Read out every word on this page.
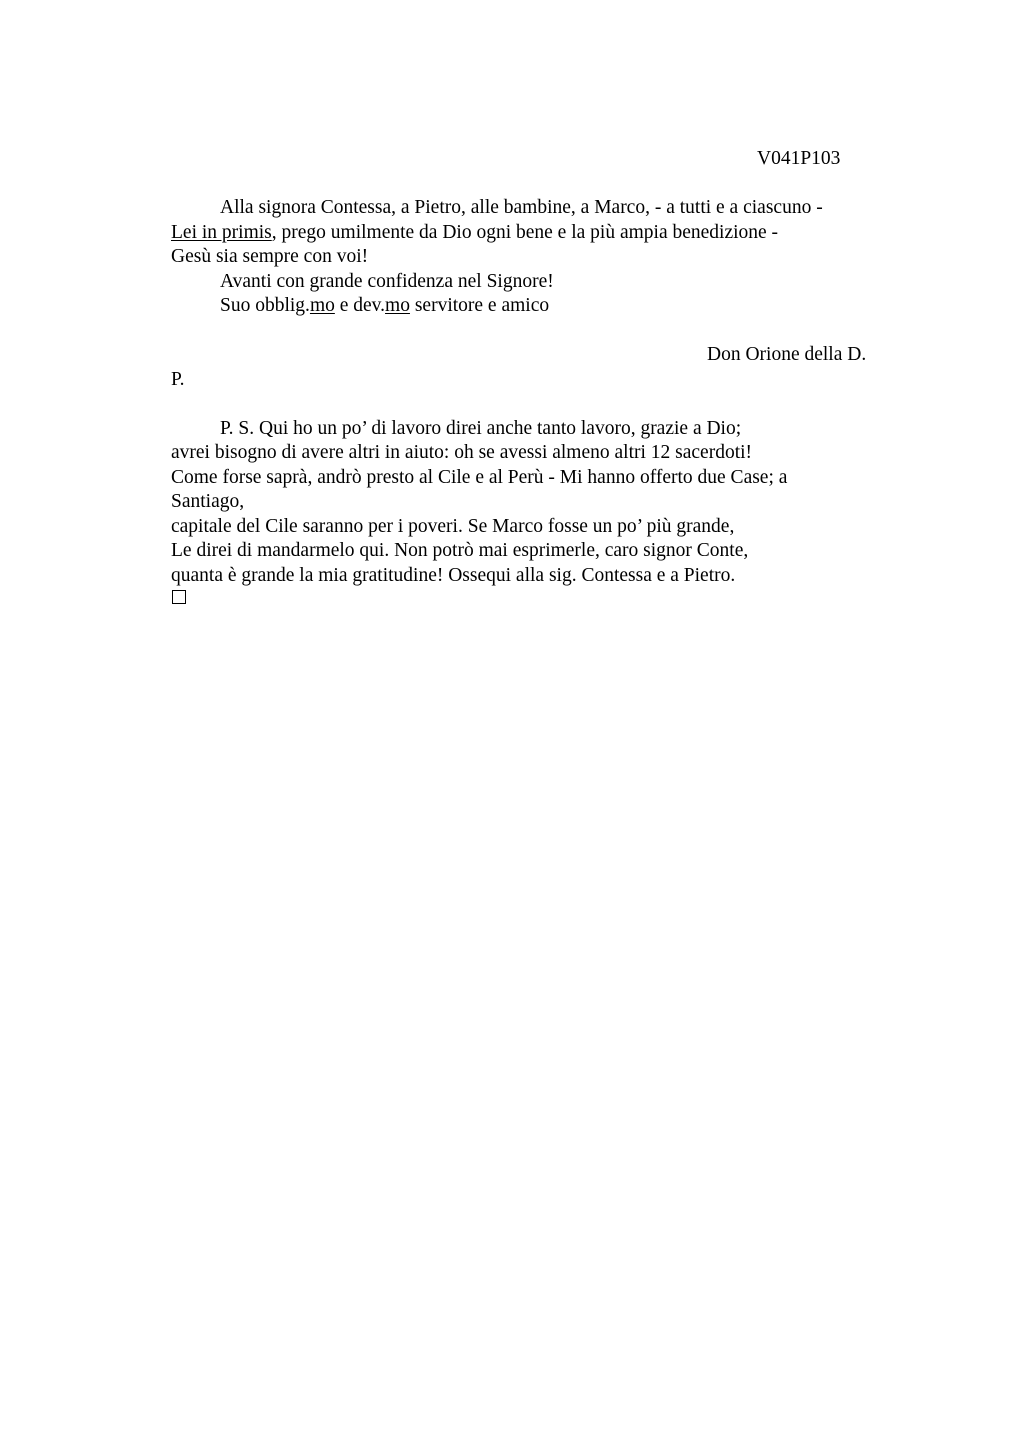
V041P103
Alla signora Contessa, a Pietro, alle bambine, a Marco, - a tutti e a ciascuno -
Lei in primis, prego umilmente da Dio ogni bene e la più ampia benedizione -
Gesù sia sempre con voi!
Avanti con grande confidenza nel Signore!
Suo obblig.mo e dev.mo servitore e amico
Don Orione della D.
P.
P. S. Qui ho un po’ di lavoro direi anche tanto lavoro, grazie a Dio;
avrei bisogno di avere altri in aiuto: oh se avessi almeno altri 12 sacerdoti!
Come forse saprà, andrò presto al Cile e al Perù - Mi hanno offerto due Case; a
Santiago,
capitale del Cile saranno per i poveri. Se Marco fosse un po’ più grande,
Le direi di mandarmelo qui. Non potrò mai esprimerle, caro signor Conte,
quanta è grande la mia gratitudine! Ossequi alla sig. Contessa e a Pietro.
